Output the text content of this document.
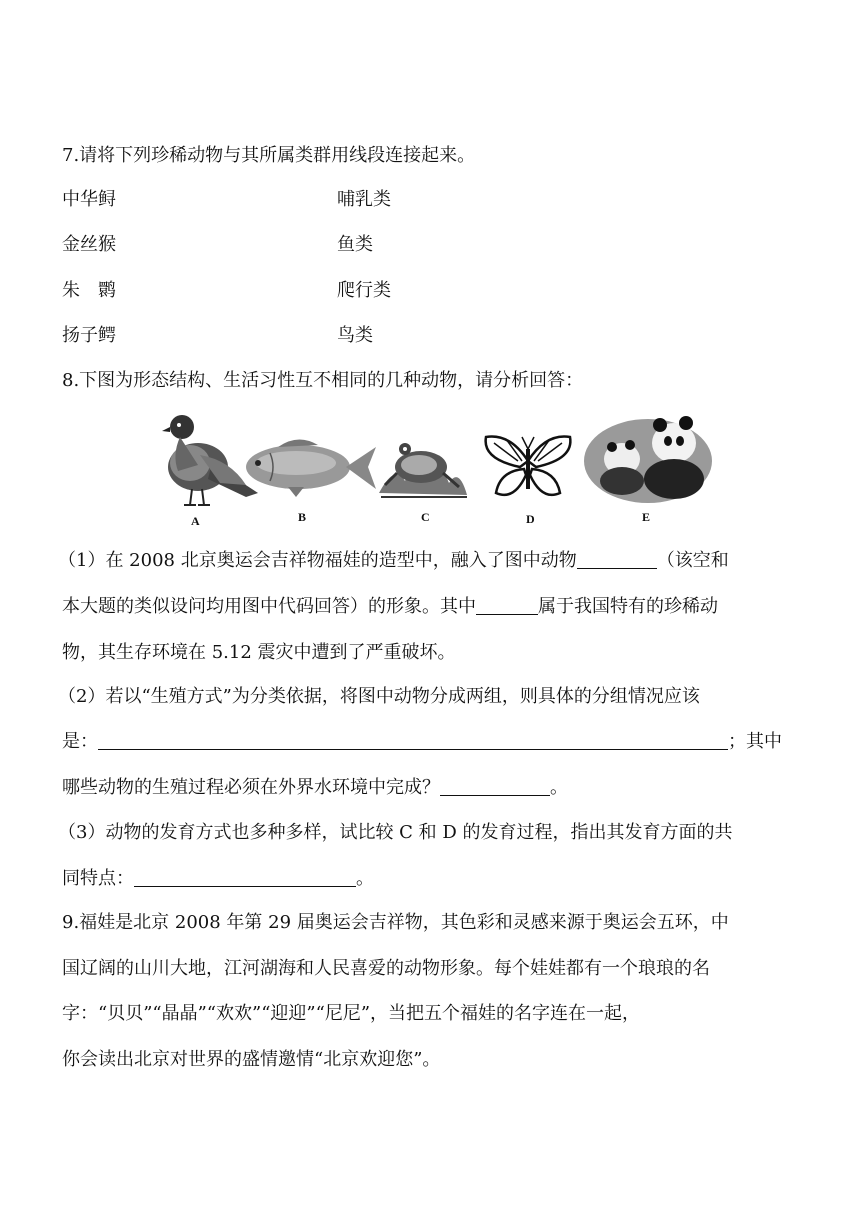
7.请将下列珍稀动物与其所属类群用线段连接起来。
中华鲟	哺乳类
金丝猴	鱼类
朱　鹮	爬行类
扬子鳄	鸟类
8.下图为形态结构、生活习性互不相同的几种动物，请分析回答：
A	B	C	D	E
（1）在 2008 北京奥运会吉祥物福娃的造型中，融入了图中动物	（该空和
本大题的类似设问均用图中代码回答）的形象。其中	属于我国特有的珍稀动
物，其生存环境在 5.12 震灾中遭到了严重破坏。
（2）若以“生殖方式”为分类依据，将图中动物分成两组，则具体的分组情况应该
是：	；其中
哪些动物的生殖过程必须在外界水环境中完成？	。
（3）动物的发育方式也多种多样，试比较 C 和 D 的发育过程，指出其发育方面的共
同特点：	。
9.福娃是北京 2008 年第 29 届奥运会吉祥物，其色彩和灵感来源于奥运会五环，中
国辽阔的山川大地，江河湖海和人民喜爱的动物形象。每个娃娃都有一个琅琅的名
字：“贝贝”“晶晶”“欢欢”“迎迎”“尼尼”，当把五个福娃的名字连在一起，
你会读出北京对世界的盛情邀情“北京欢迎您”。
